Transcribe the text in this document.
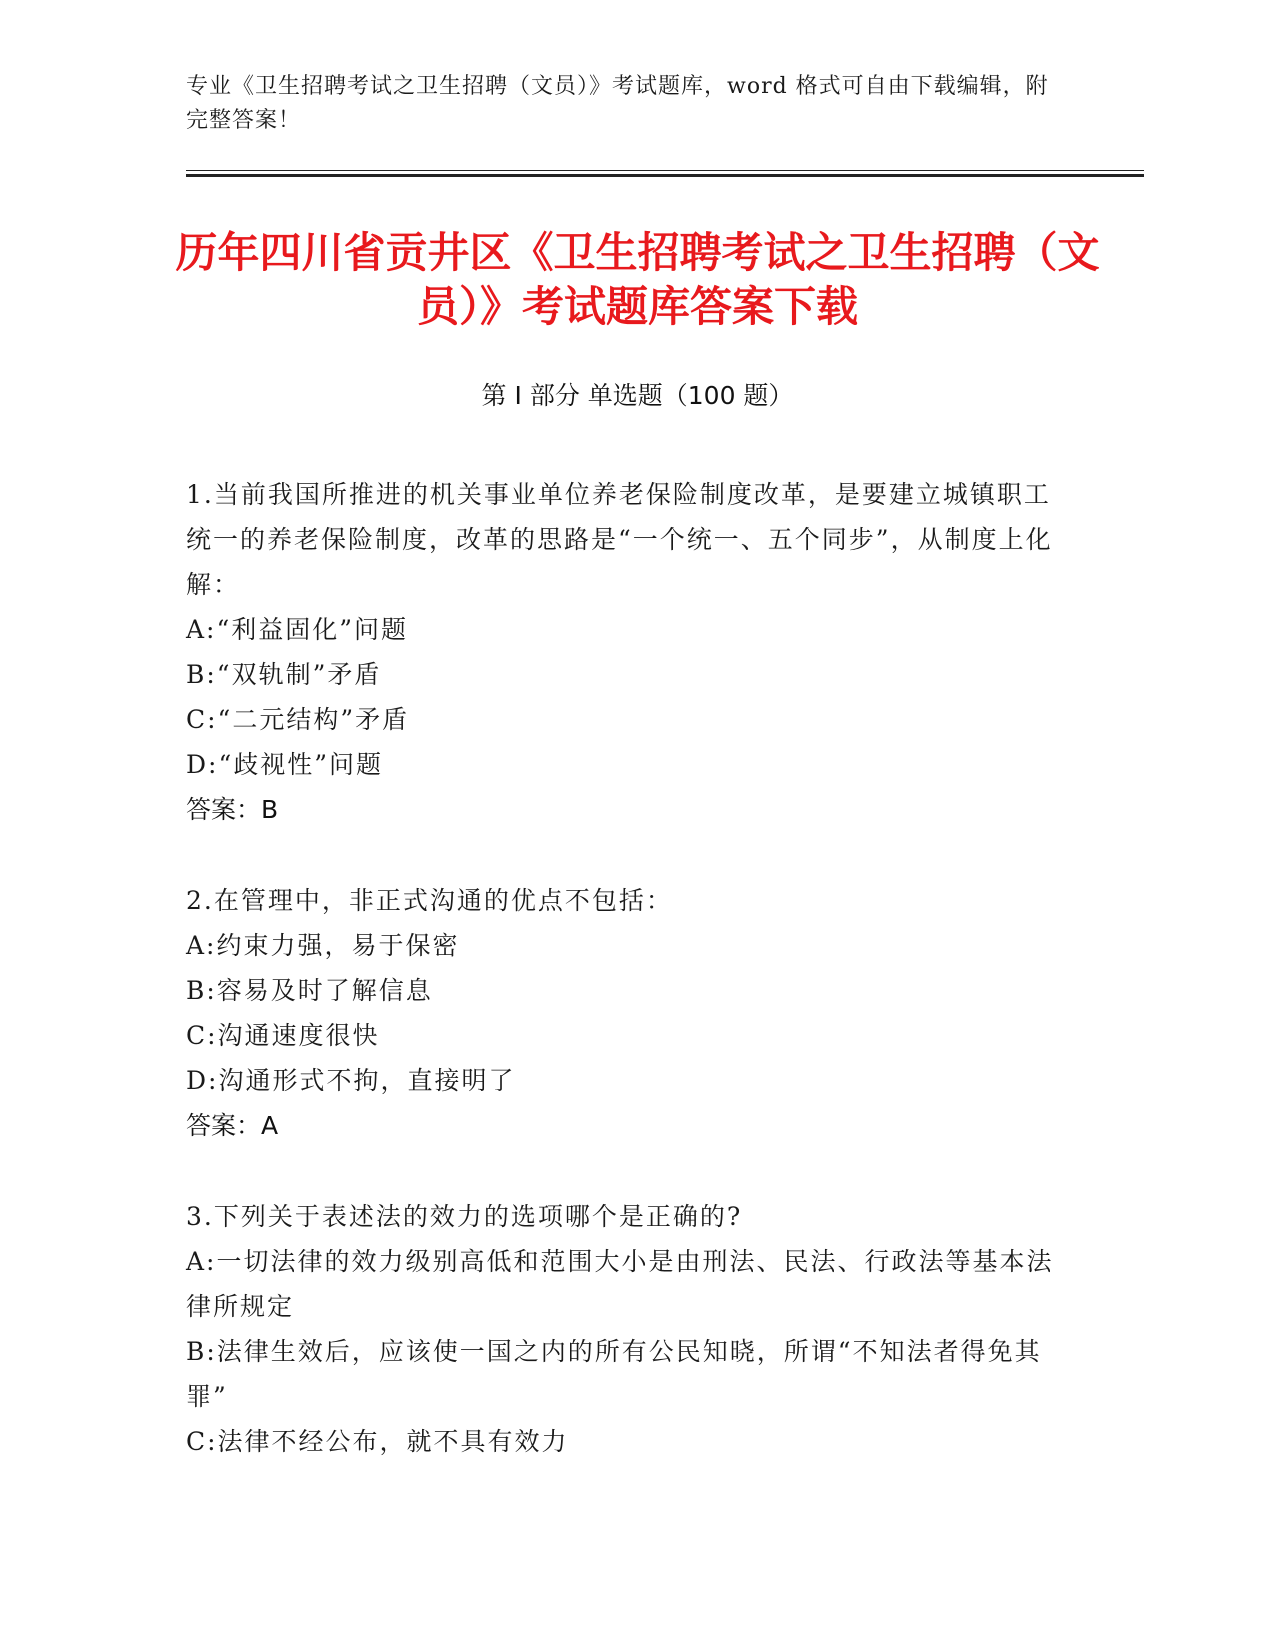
专业《卫生招聘考试之卫生招聘（文员）》考试题库，word 格式可自由下载编辑，附完整答案！
历年四川省贡井区《卫生招聘考试之卫生招聘（文员）》考试题库答案下载
第 I 部分 单选题（100 题）

1.当前我国所推进的机关事业单位养老保险制度改革，是要建立城镇职工统一的养老保险制度，改革的思路是“一个统一、五个同步”，从制度上化解：

A:“利益固化”问题

B:“双轨制”矛盾

C:“二元结构”矛盾

D:“歧视性”问题

答案：B

2.在管理中，非正式沟通的优点不包括：

A:约束力强，易于保密

B:容易及时了解信息

C:沟通速度很快

D:沟通形式不拘，直接明了

答案：A

3.下列关于表述法的效力的选项哪个是正确的?

A:一切法律的效力级别高低和范围大小是由刑法、民法、行政法等基本法律所规定

B:法律生效后，应该使一国之内的所有公民知晓，所谓“不知法者得免其罪”

C:法律不经公布，就不具有效力
